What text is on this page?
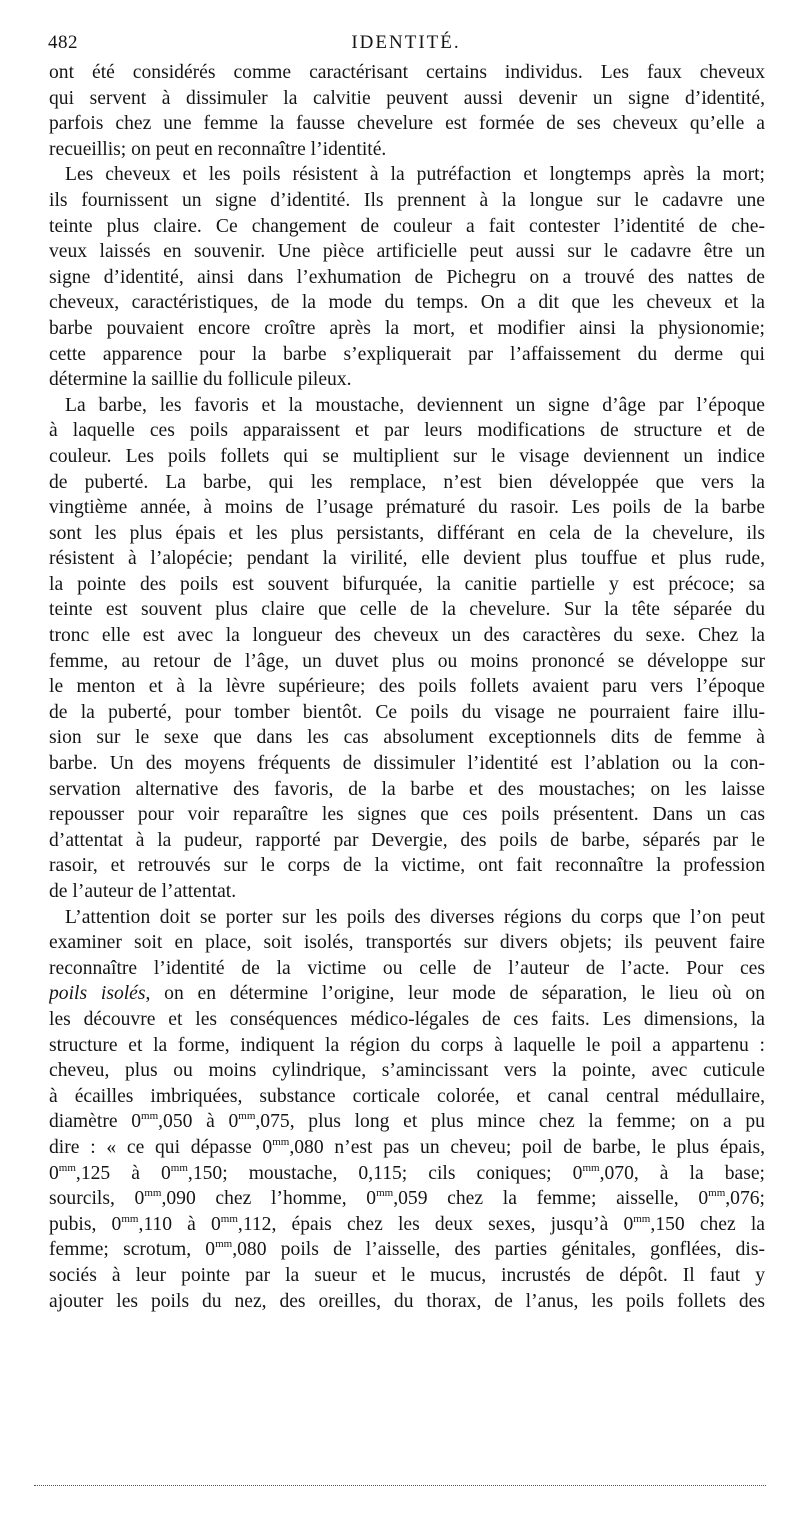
482	IDENTITÉ.
ont été considérés comme caractérisant certains individus. Les faux cheveux
qui servent à dissimuler la calvitie peuvent aussi devenir un signe d’identité,
parfois chez une femme la fausse chevelure est formée de ses cheveux qu’elle a
recueillis; on peut en reconnaître l’identité.
Les cheveux et les poils résistent à la putréfaction et longtemps après la mort;
ils fournissent un signe d’identité. Ils prennent à la longue sur le cadavre une
teinte plus claire. Ce changement de couleur a fait contester l’identité de che-
veux laissés en souvenir. Une pièce artificielle peut aussi sur le cadavre être un
signe d’identité, ainsi dans l’exhumation de Pichegru on a trouvé des nattes de
cheveux, caractéristiques, de la mode du temps. On a dit que les cheveux et la
barbe pouvaient encore croître après la mort, et modifier ainsi la physionomie;
cette apparence pour la barbe s’expliquerait par l’affaissement du derme qui
détermine la saillie du follicule pileux.
La barbe, les favoris et la moustache, deviennent un signe d’âge par l’époque
à laquelle ces poils apparaissent et par leurs modifications de structure et de
couleur. Les poils follets qui se multiplient sur le visage deviennent un indice
de puberté. La barbe, qui les remplace, n’est bien développée que vers la
vingtième année, à moins de l’usage prématuré du rasoir. Les poils de la barbe
sont les plus épais et les plus persistants, différant en cela de la chevelure, ils
résistent à l’alopécie; pendant la virilité, elle devient plus touffue et plus rude,
la pointe des poils est souvent bifurquée, la canitie partielle y est précoce; sa
teinte est souvent plus claire que celle de la chevelure. Sur la tête séparée du
tronc elle est avec la longueur des cheveux un des caractères du sexe. Chez la
femme, au retour de l’âge, un duvet plus ou moins prononcé se développe sur
le menton et à la lèvre supérieure; des poils follets avaient paru vers l’époque
de la puberté, pour tomber bientôt. Ce poils du visage ne pourraient faire illu-
sion sur le sexe que dans les cas absolument exceptionnels dits de femme à
barbe. Un des moyens fréquents de dissimuler l’identité est l’ablation ou la con-
servation alternative des favoris, de la barbe et des moustaches; on les laisse
repousser pour voir reparaître les signes que ces poils présentent. Dans un cas
d’attentat à la pudeur, rapporté par Devergie, des poils de barbe, séparés par le
rasoir, et retrouvés sur le corps de la victime, ont fait reconnaître la profession
de l’auteur de l’attentat.
L’attention doit se porter sur les poils des diverses régions du corps que l’on peut
examiner soit en place, soit isolés, transportés sur divers objets; ils peuvent faire
reconnaître l’identité de la victime ou celle de l’auteur de l’acte. Pour ces
poils isolés, on en détermine l’origine, leur mode de séparation, le lieu où on
les découvre et les conséquences médico-légales de ces faits. Les dimensions, la
structure et la forme, indiquent la région du corps à laquelle le poil a appartenu :
cheveu, plus ou moins cylindrique, s’amincissant vers la pointe, avec cuticule
à écailles imbriquées, substance corticale colorée, et canal central médullaire,
diamètre $0^{mm},050$ à $0^{mm},075$, plus long et plus mince chez la femme; on a pu
dire : « ce qui dépasse $0^{mm},080$ n’est pas un cheveu; poil de barbe, le plus épais,
$0^{mm},125$ à $0^{mm},150$; moustache, 0,115; cils coniques; $0^{mm},070$, à la base;
sourcils, $0^{mm},090$ chez l’homme, $0^{mm},059$ chez la femme; aisselle, $0^{mm},076$;
pubis, $0^{mm},110$ à $0^{mm},112$, épais chez les deux sexes, jusqu’à $0^{mm},150$ chez la
femme; scrotum, $0^{mm},080$ poils de l’aisselle, des parties génitales, gonflées, dis-
sociés à leur pointe par la sueur et le mucus, incrustés de dépôt. Il faut y
ajouter les poils du nez, des oreilles, du thorax, de l’anus, les poils follets des
